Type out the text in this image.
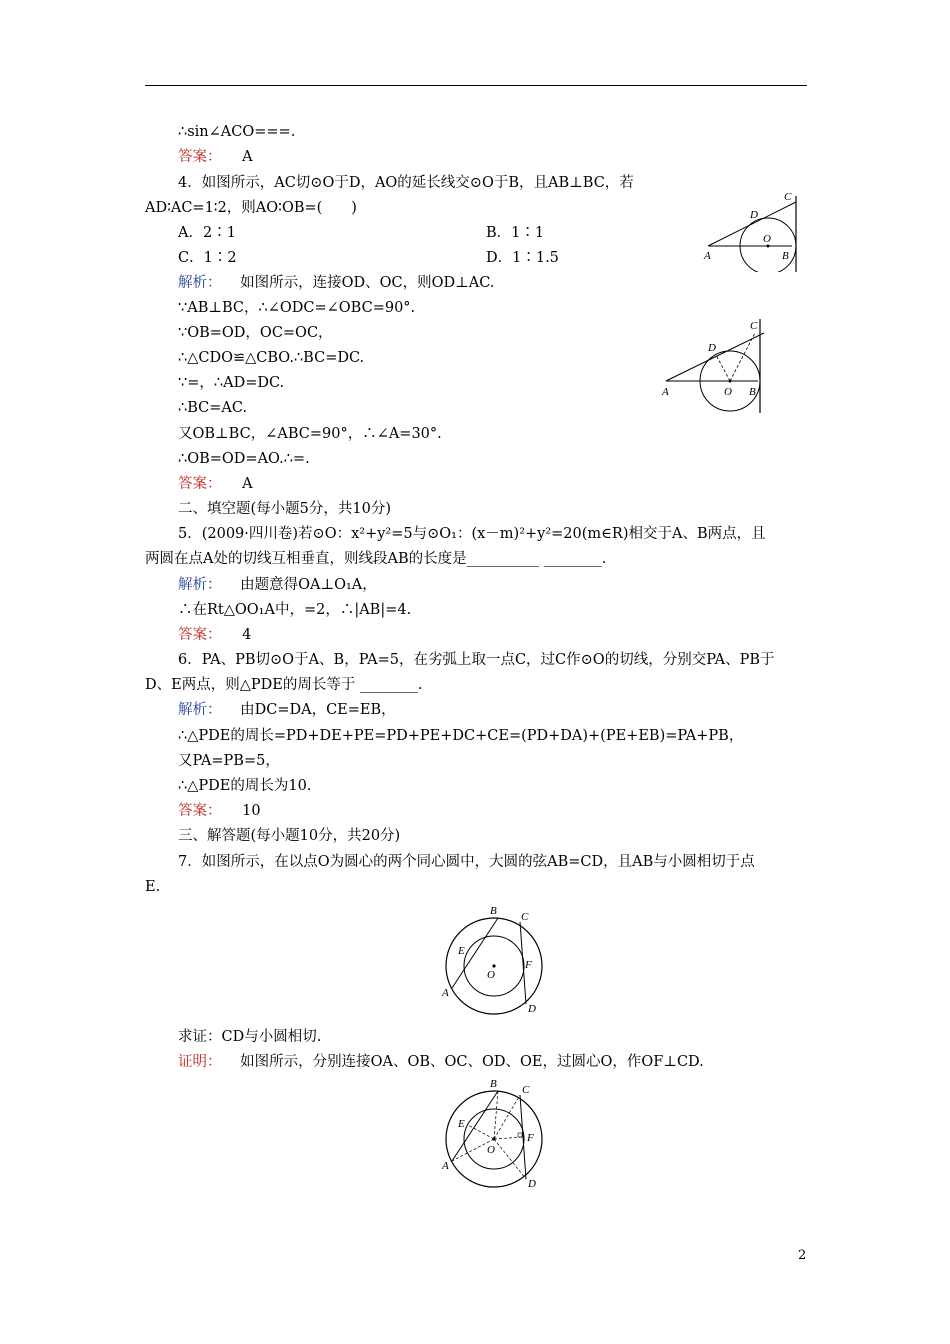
∴sin∠ACO===.
答案： A
4．如图所示，AC切⊙O于D，AO的延长线交⊙O于B，且AB⊥BC，若
AD∶AC=1∶2，则AO∶OB=(　　)
A．2∶1	B．1∶1
C．1∶2	D．1∶1.5
解析： 如图所示，连接OD、OC，则OD⊥AC.
∵AB⊥BC，∴∠ODC=∠OBC=90°.
∵OB=OD，OC=OC，
∴△CDO≌△CBO.∴BC=DC.
∵=，∴AD=DC.
∴BC=AC.
又OB⊥BC，∠ABC=90°，∴∠A=30°.
∴OB=OD=AO.∴=.
答案： A
二、填空题(每小题5分，共10分)
5．(2009·四川卷)若⊙O：x²+y²=5与⊙O₁：(x－m)²+y²=20(m∈R)相交于A、B两点，且
两圆在点A处的切线互相垂直，则线段AB的长度是__________ ________.
解析： 由题意得OA⊥O₁A，
∴在Rt△OO₁A中，=2，∴|AB|=4.
答案： 4
6．PA、PB切⊙O于A、B，PA=5，在劣弧上取一点C，过C作⊙O的切线，分别交PA、PB于
D、E两点，则△PDE的周长等于 ________.
解析： 由DC=DA，CE=EB，
∴△PDE的周长=PD+DE+PE=PD+PE+DC+CE=(PD+DA)+(PE+EB)=PA+PB，
又PA=PB=5，
∴△PDE的周长为10.
答案： 10
三、解答题(每小题10分，共20分)
7．如图所示，在以点O为圆心的两个同心圆中，大圆的弦AB=CD，且AB与小圆相切于点
E.
求证：CD与小圆相切.
证明： 如图所示，分别连接OA、OB、OC、OD、OE，过圆心O，作OF⊥CD.
A	B
C
D
O
A	B
C
D
O
A
B C
D
E
F
O
A
B C
D
E
F
O
2
